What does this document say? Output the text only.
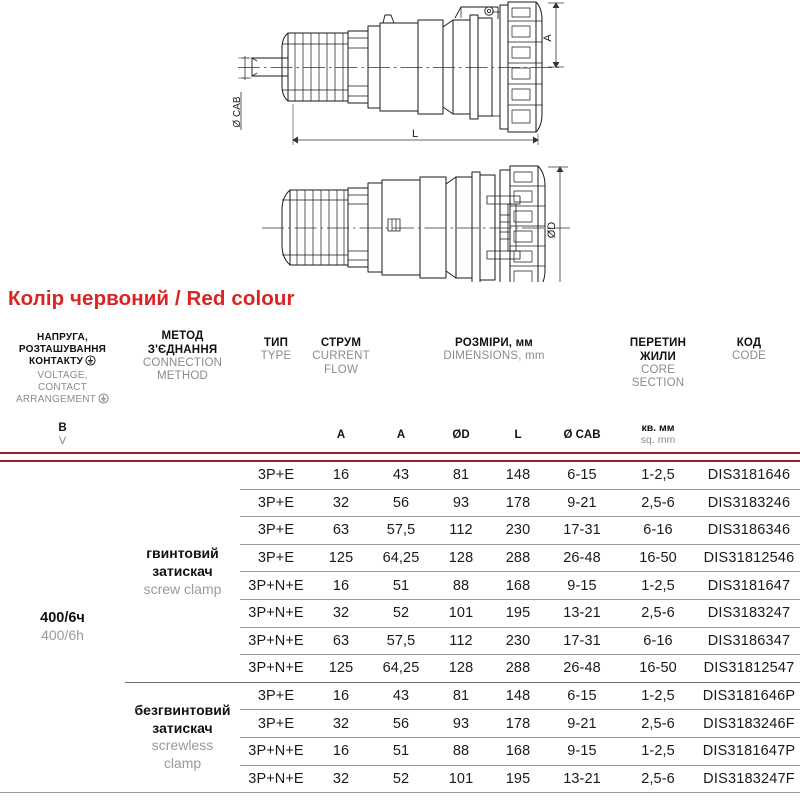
Ø CAB
A
L
ØD
Колір червоний / Red colour
НАПРУГА,
РОЗТАШУВАННЯ
КОНТАКТУ
VOLTAGE,
CONTACT
ARRANGEMENT

МЕТОД
З'ЄДНАННЯ
CONNECTION
METHOD

ТИП
TYPE

СТРУМ
CURRENT
FLOW

РОЗМІРИ, мм
DIMENSIONS, mm

ПЕРЕТИН
ЖИЛИ
CORE
SECTION

КОД
CODE

В
V			A	A	ØD	L	Ø CAB	кв. мм
sq. mm	

400/6ч
400/6h	гвинтовий
затискач
screw clamp	3P+E	16	43	81	148	6-15	1-2,5	DIS3181646
		3P+E	32	56	93	178	9-21	2,5-6	DIS3183246
		3P+E	63	57,5	112	230	17-31	6-16	DIS3186346
		3P+E	125	64,25	128	288	26-48	16-50	DIS31812546
		3P+N+E	16	51	88	168	9-15	1-2,5	DIS3181647
		3P+N+E	32	52	101	195	13-21	2,5-6	DIS3183247
		3P+N+E	63	57,5	112	230	17-31	6-16	DIS3186347
		3P+N+E	125	64,25	128	288	26-48	16-50	DIS31812547

	безгвинтовий
затискач
screwless
clamp	3P+E	16	43	81	148	6-15	1-2,5	DIS3181646P
		3P+E	32	56	93	178	9-21	2,5-6	DIS3183246F
		3P+N+E	16	51	88	168	9-15	1-2,5	DIS3181647P
		3P+N+E	32	52	101	195	13-21	2,5-6	DIS3183247F
